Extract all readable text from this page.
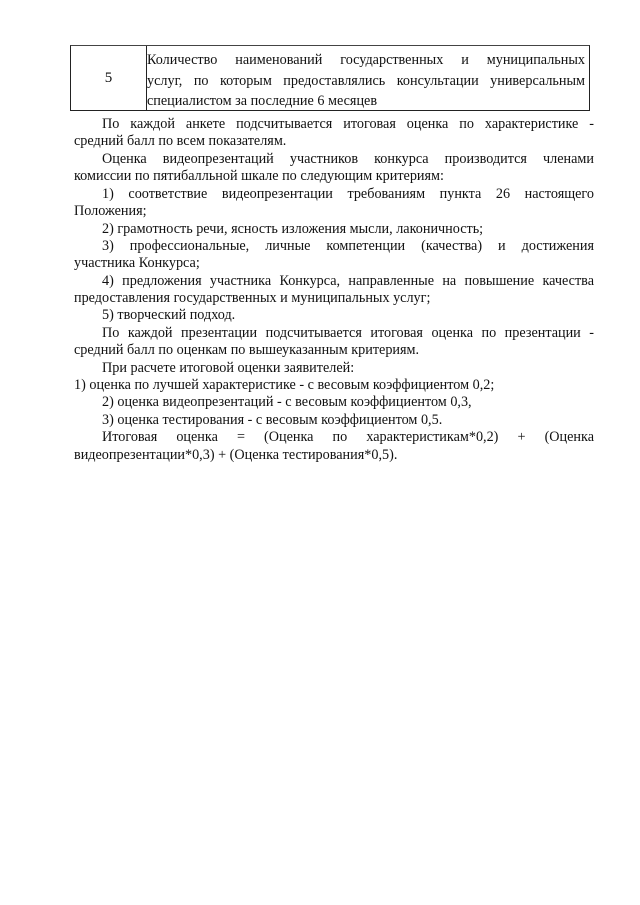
5
Количество наименований государственных и муниципальных
услуг, по которым предоставлялись консультации универсальным
специалистом за последние 6 месяцев
По каждой анкете подсчитывается итоговая оценка по характеристике -
средний балл по всем показателям.
Оценка видеопрезентаций участников конкурса производится членами
комиссии по пятибалльной шкале по следующим критериям:
1) соответствие видеопрезентации требованиям пункта 26 настоящего
Положения;
2) грамотность речи, ясность изложения мысли, лаконичность;
3) профессиональные, личные компетенции (качества) и достижения
участника Конкурса;
4) предложения участника Конкурса, направленные на повышение качества
предоставления государственных и муниципальных услуг;
5) творческий подход.
По каждой презентации подсчитывается итоговая оценка по презентации -
средний балл по оценкам по вышеуказанным критериям.
При расчете итоговой оценки заявителей:
1) оценка по лучшей характеристике - с весовым коэффициентом 0,2;
2) оценка видеопрезентаций - с весовым коэффициентом 0,3,
3) оценка тестирования - с весовым коэффициентом 0,5.
Итоговая оценка = (Оценка по характеристикам*0,2) + (Оценка
видеопрезентации*0,3) + (Оценка тестирования*0,5).
